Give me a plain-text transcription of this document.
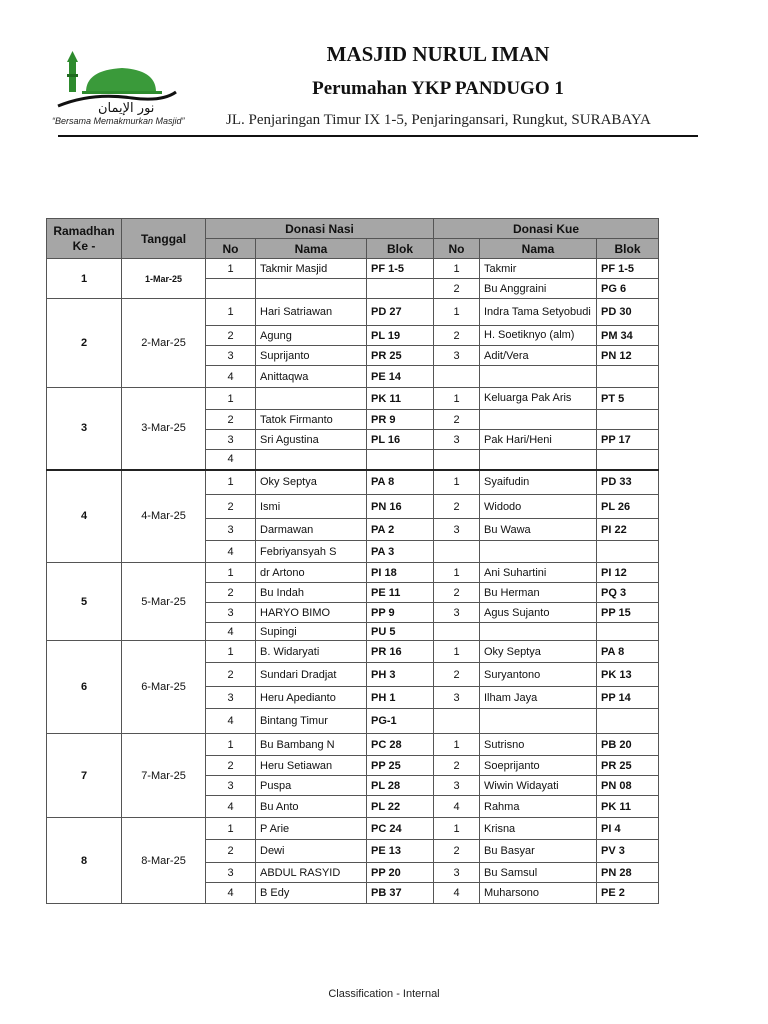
نور الإيمان
“Bersama Memakmurkan Masjid”
MASJID NURUL IMAN
Perumahan YKP PANDUGO 1
JL. Penjaringan Timur IX 1-5, Penjaringansari, Rungkut, SURABAYA
Ramadhan Ke -	Tanggal	Donasi Nasi			Donasi Kue		
		No	Nama	Blok	No	Nama	Blok
1	1-Mar-25	1	Takmir Masjid	PF 1-5	1	Takmir	PF 1-5
					2	Bu Anggraini	PG 6
2	2-Mar-25	1	Hari Satriawan	PD 27	1	Indra Tama Setyobudi	PD 30
		2	Agung	PL 19	2	H. Soetiknyo (alm)	PM 34
		3	Suprijanto	PR 25	3	Adit/Vera	PN 12
		4	Anittaqwa	PE 14			
3	3-Mar-25	1		PK 11	1	Keluarga Pak Aris	PT 5
		2	Tatok Firmanto	PR 9	2		
		3	Sri Agustina	PL 16	3	Pak Hari/Heni	PP 17
		4					
4	4-Mar-25	1	Oky Septya	PA 8	1	Syaifudin	PD 33
		2	Ismi	PN 16	2	Widodo	PL 26
		3	Darmawan	PA 2	3	Bu Wawa	PI 22
		4	Febriyansyah S	PA 3			
5	5-Mar-25	1	dr Artono	PI 18	1	Ani Suhartini	PI 12
		2	Bu Indah	PE 11	2	Bu Herman	PQ 3
		3	HARYO BIMO	PP 9	3	Agus Sujanto	PP 15
		4	Supingi	PU 5			
6	6-Mar-25	1	B. Widaryati	PR 16	1	Oky Septya	PA 8
		2	Sundari Dradjat	PH 3	2	Suryantono	PK 13
		3	Heru Apedianto	PH 1	3	Ilham Jaya	PP 14
		4	Bintang Timur	PG-1			
7	7-Mar-25	1	Bu Bambang N	PC 28	1	Sutrisno	PB 20
		2	Heru Setiawan	PP 25	2	Soeprijanto	PR 25
		3	Puspa	PL 28	3	Wiwin Widayati	PN 08
		4	Bu Anto	PL 22	4	Rahma	PK 11
8	8-Mar-25	1	P Arie	PC 24	1	Krisna	PI 4
		2	Dewi	PE 13	2	Bu Basyar	PV 3
		3	ABDUL RASYID	PP 20	3	Bu Samsul	PN 28
		4	B Edy	PB 37	4	Muharsono	PE 2
Classification - Internal
